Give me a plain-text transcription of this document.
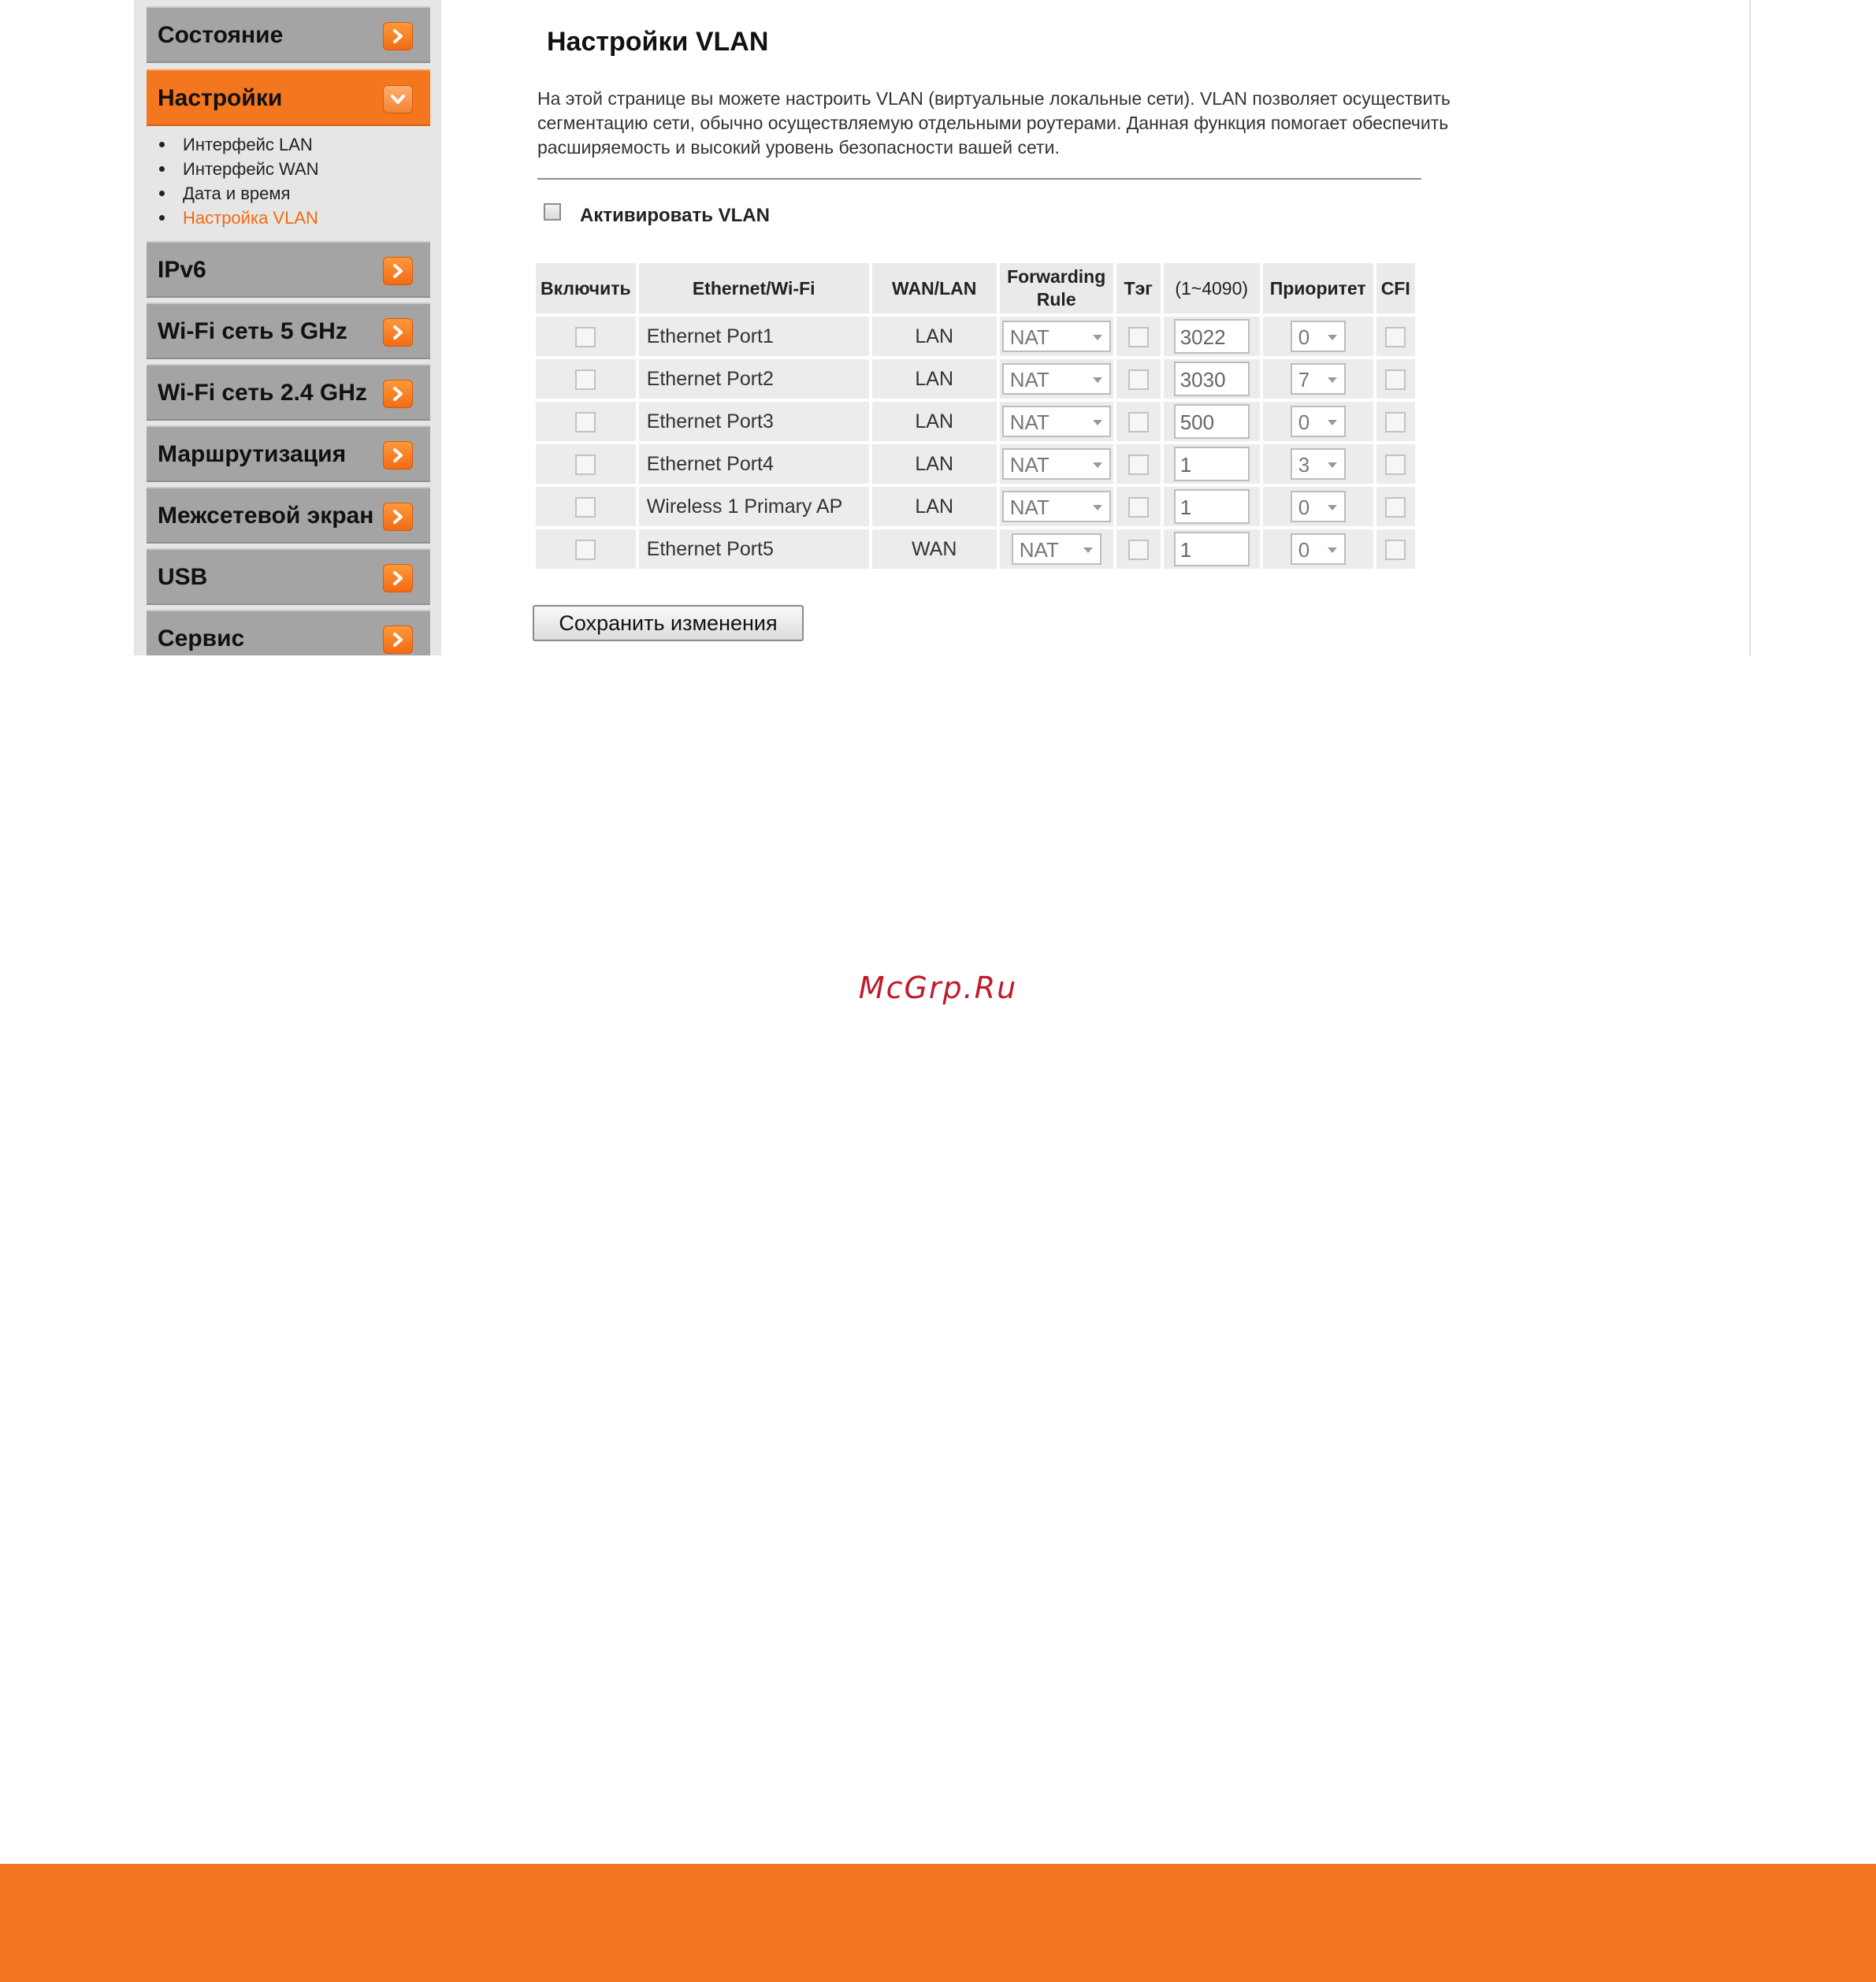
Состояние
Настройки
Интерфейс LAN
Интерфейс WAN
Дата и время
Настройка VLAN
IPv6
Wi-Fi сеть 5 GHz
Wi-Fi сеть 2.4 GHz
Маршрутизация
Межсетевой экран
USB
Сервис
Настройки VLAN
На этой странице вы можете настроить VLAN (виртуальные локальные сети). VLAN позволяет осуществить сегментацию сети, обычно осуществляемую отдельными роутерами. Данная функция помогает обеспечить расширяемость и высокий уровень безопасности вашей сети.
Активировать VLAN
Включить	Ethernet/Wi-Fi	WAN/LAN	Forwarding
Rule	Тэг	(1~4090)	Приоритет	CFI
	Ethernet Port1	LAN	NAT		3022	0	

	Ethernet Port2	LAN	NAT		3030	7	

	Ethernet Port3	LAN	NAT		500	0	

	Ethernet Port4	LAN	NAT		1	3	

	Wireless 1 Primary AP	LAN	NAT		1	0	

	Ethernet Port5	WAN	NAT		1	0	

Сохранить изменения
McGrp.Ru
